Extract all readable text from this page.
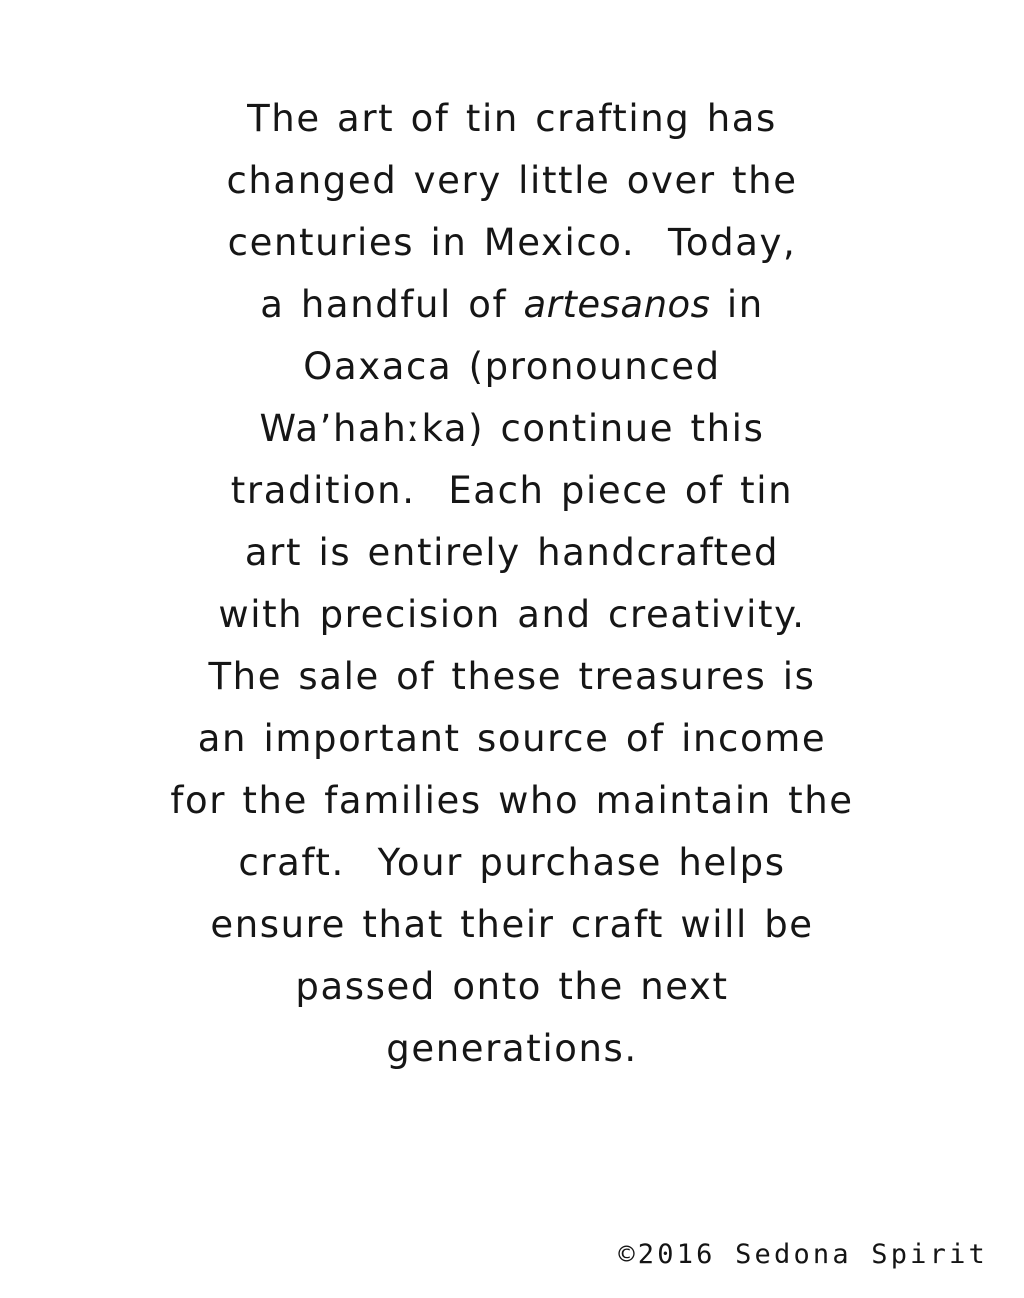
The art of tin crafting has
changed very little over the
centuries in Mexico.  Today,
a handful of artesanos in
Oaxaca (pronounced
Wa’hahːka) continue this
tradition.  Each piece of tin
art is entirely handcrafted
with precision and creativity.
The sale of these treasures is
an important source of income
for the families who maintain the
craft.  Your purchase helps
ensure that their craft will be
passed onto the next
generations.
©2016 Sedona Spirit
